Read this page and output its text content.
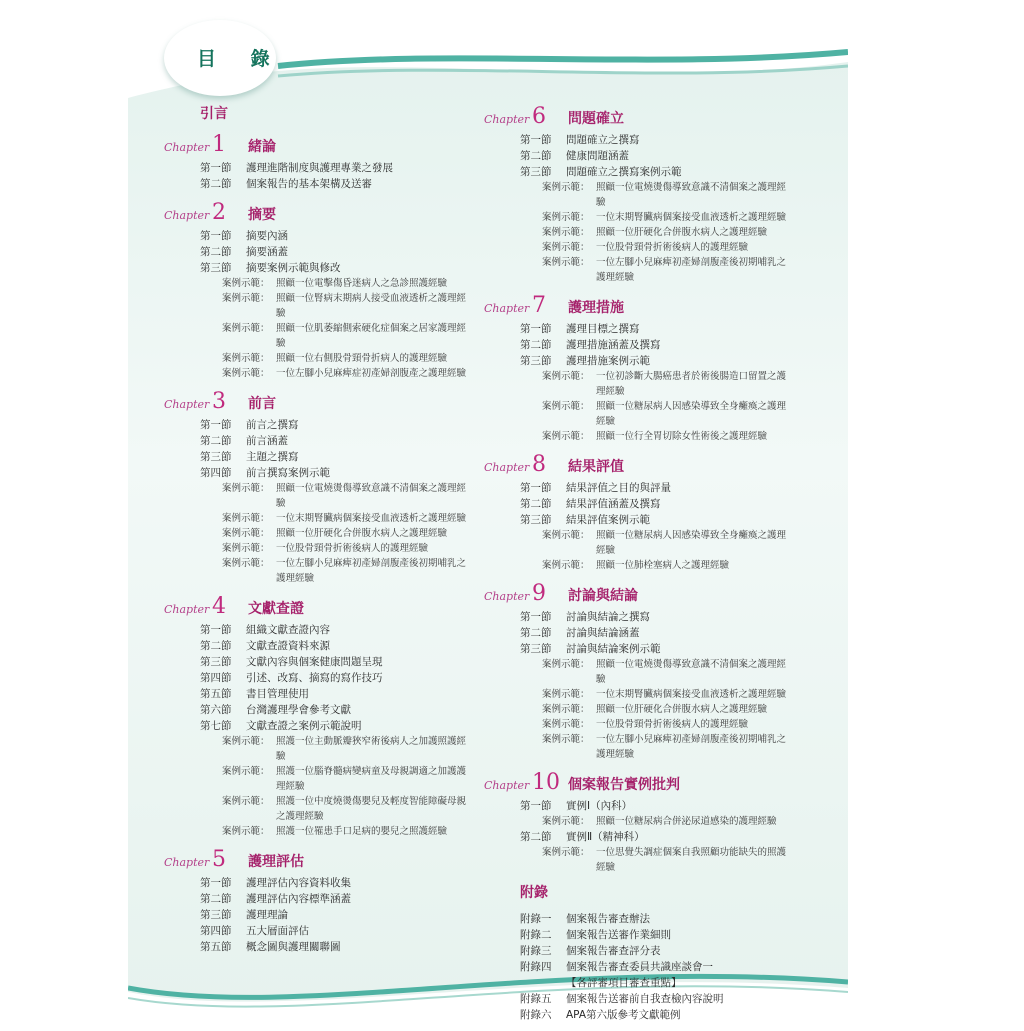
目 錄
引言
Chapter 1	緒論
第一節	護理進階制度與護理專業之發展
第二節	個案報告的基本架構及送審
Chapter 2	摘要
第一節	摘要內涵
第二節	摘要涵蓋
第三節	摘要案例示範與修改
案例示範： 照顧一位電擊傷昏迷病人之急診照護經驗
案例示範： 照顧一位腎病末期病人接受血液透析之護理經驗
案例示範： 照顧一位肌萎縮側索硬化症個案之居家護理經驗
案例示範： 照顧一位右側股骨頸骨折病人的護理經驗
案例示範： 一位左腳小兒麻痺症初產婦剖腹產之護理經驗
Chapter 3	前言
第一節	前言之撰寫
第二節	前言涵蓋
第三節	主題之撰寫
第四節	前言撰寫案例示範
案例示範： 照顧一位電燒燙傷導致意識不清個案之護理經驗
案例示範： 一位末期腎臟病個案接受血液透析之護理經驗
案例示範： 照顧一位肝硬化合併腹水病人之護理經驗
案例示範： 一位股骨頸骨折術後病人的護理經驗
案例示範： 一位左腳小兒麻痺初產婦剖腹產後初期哺乳之護理經驗
Chapter 4	文獻查證
第一節	組織文獻查證內容
第二節	文獻查證資料來源
第三節	文獻內容與個案健康問題呈現
第四節	引述、改寫、摘寫的寫作技巧
第五節	書目管理使用
第六節	台灣護理學會參考文獻
第七節	文獻查證之案例示範說明
案例示範： 照護一位主動脈瓣狹窄術後病人之加護照護經驗
案例示範： 照護一位腦脊髓病變病童及母親調適之加護護理經驗
案例示範： 照護一位中度燒燙傷嬰兒及輕度智能障礙母親之護理經驗
案例示範： 照護一位罹患手口足病的嬰兒之照護經驗
Chapter 5	護理評估
第一節	護理評估內容資料收集
第二節	護理評估內容標準涵蓋
第三節	護理理論
第四節	五大層面評估
第五節	概念圖與護理關聯圖
Chapter 6	問題確立
第一節	問題確立之撰寫
第二節	健康問題涵蓋
第三節	問題確立之撰寫案例示範
案例示範： 照顧一位電燒燙傷導致意識不清個案之護理經驗
案例示範： 一位末期腎臟病個案接受血液透析之護理經驗
案例示範： 照顧一位肝硬化合併腹水病人之護理經驗
案例示範： 一位股骨頸骨折術後病人的護理經驗
案例示範： 一位左腳小兒麻痺初產婦剖腹產後初期哺乳之護理經驗
Chapter 7	護理措施
第一節	護理目標之撰寫
第二節	護理措施涵蓋及撰寫
第三節	護理措施案例示範
案例示範： 一位初診斷大腸癌患者於術後腸造口留置之護理經驗
案例示範： 照顧一位糖尿病人因感染導致全身癱瘓之護理經驗
案例示範： 照顧一位行全胃切除女性術後之護理經驗
Chapter 8	結果評值
第一節	結果評值之目的與評量
第二節	結果評值涵蓋及撰寫
第三節	結果評值案例示範
案例示範： 照顧一位糖尿病人因感染導致全身癱瘓之護理經驗
案例示範： 照顧一位肺栓塞病人之護理經驗
Chapter 9	討論與結論
第一節	討論與結論之撰寫
第二節	討論與結論涵蓋
第三節	討論與結論案例示範
案例示範： 照顧一位電燒燙傷導致意識不清個案之護理經驗
案例示範： 一位末期腎臟病個案接受血液透析之護理經驗
案例示範： 照顧一位肝硬化合併腹水病人之護理經驗
案例示範： 一位股骨頸骨折術後病人的護理經驗
案例示範： 一位左腳小兒麻痺初產婦剖腹產後初期哺乳之護理經驗
Chapter 10 個案報告實例批判
第一節	實例Ⅰ（內科）
案例示範： 照顧一位糖尿病合併泌尿道感染的護理經驗
第二節	實例Ⅱ（精神科）
案例示範： 一位思覺失調症個案自我照顧功能缺失的照護經驗
附錄
附錄一	個案報告審查辦法
附錄二	個案報告送審作業細則
附錄三	個案報告審查評分表
附錄四	個案報告審查委員共識座談會一
【各評審項目審查重點】
附錄五	個案報告送審前自我查檢內容說明
附錄六	APA第六版參考文獻範例
